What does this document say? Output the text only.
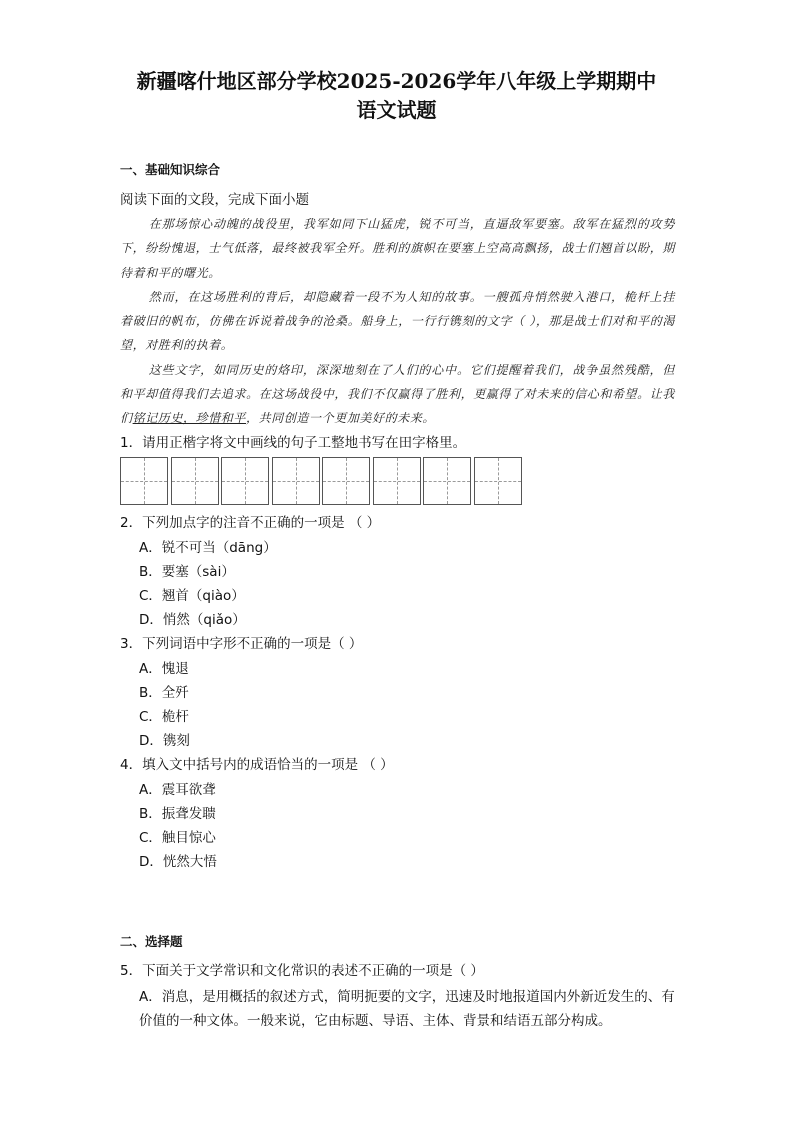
新疆喀什地区部分学校2025-2026学年八年级上学期期中
语文试题
一、基础知识综合
阅读下面的文段，完成下面小题

在那场惊心动魄的战役里，我军如同下山猛虎，锐不可当，直逼敌军要塞。敌军在猛烈的攻势下，纷纷愧退，士气低落，最终被我军全歼。胜利的旗帜在要塞上空高高飘扬，战士们翘首以盼，期待着和平的曙光。

然而，在这场胜利的背后，却隐藏着一段不为人知的故事。一艘孤舟悄然驶入港口，桅杆上挂着破旧的帆布，仿佛在诉说着战争的沧桑。船身上，一行行镌刻的文字（ ），那是战士们对和平的渴望，对胜利的执着。

这些文字，如同历史的烙印，深深地刻在了人们的心中。它们提醒着我们，战争虽然残酷，但和平却值得我们去追求。在这场战役中，我们不仅赢得了胜利，更赢得了对未来的信心和希望。让我们铭记历史，珍惜和平，共同创造一个更加美好的未来。

1．请用正楷字将文中画线的句子工整地书写在田字格里。
2．下列加点字的注音不正确的一项是 （ ）
A．锐不可当（dāng）
B．要塞（sài）
C．翘首（qiào）
D．悄然（qiǎo）
3．下列词语中字形不正确的一项是（ ）
A．愧退
B．全歼
C．桅杆
D．镌刻
4．填入文中括号内的成语恰当的一项是 （ ）
A．震耳欲聋
B．振聋发聩
C．触目惊心
D．恍然大悟
二、选择题
5．下面关于文学常识和文化常识的表述不正确的一项是（ ）
A．消息，是用概括的叙述方式，简明扼要的文字，迅速及时地报道国内外新近发生的、有价值的一种文体。一般来说，它由标题、导语、主体、背景和结语五部分构成。
